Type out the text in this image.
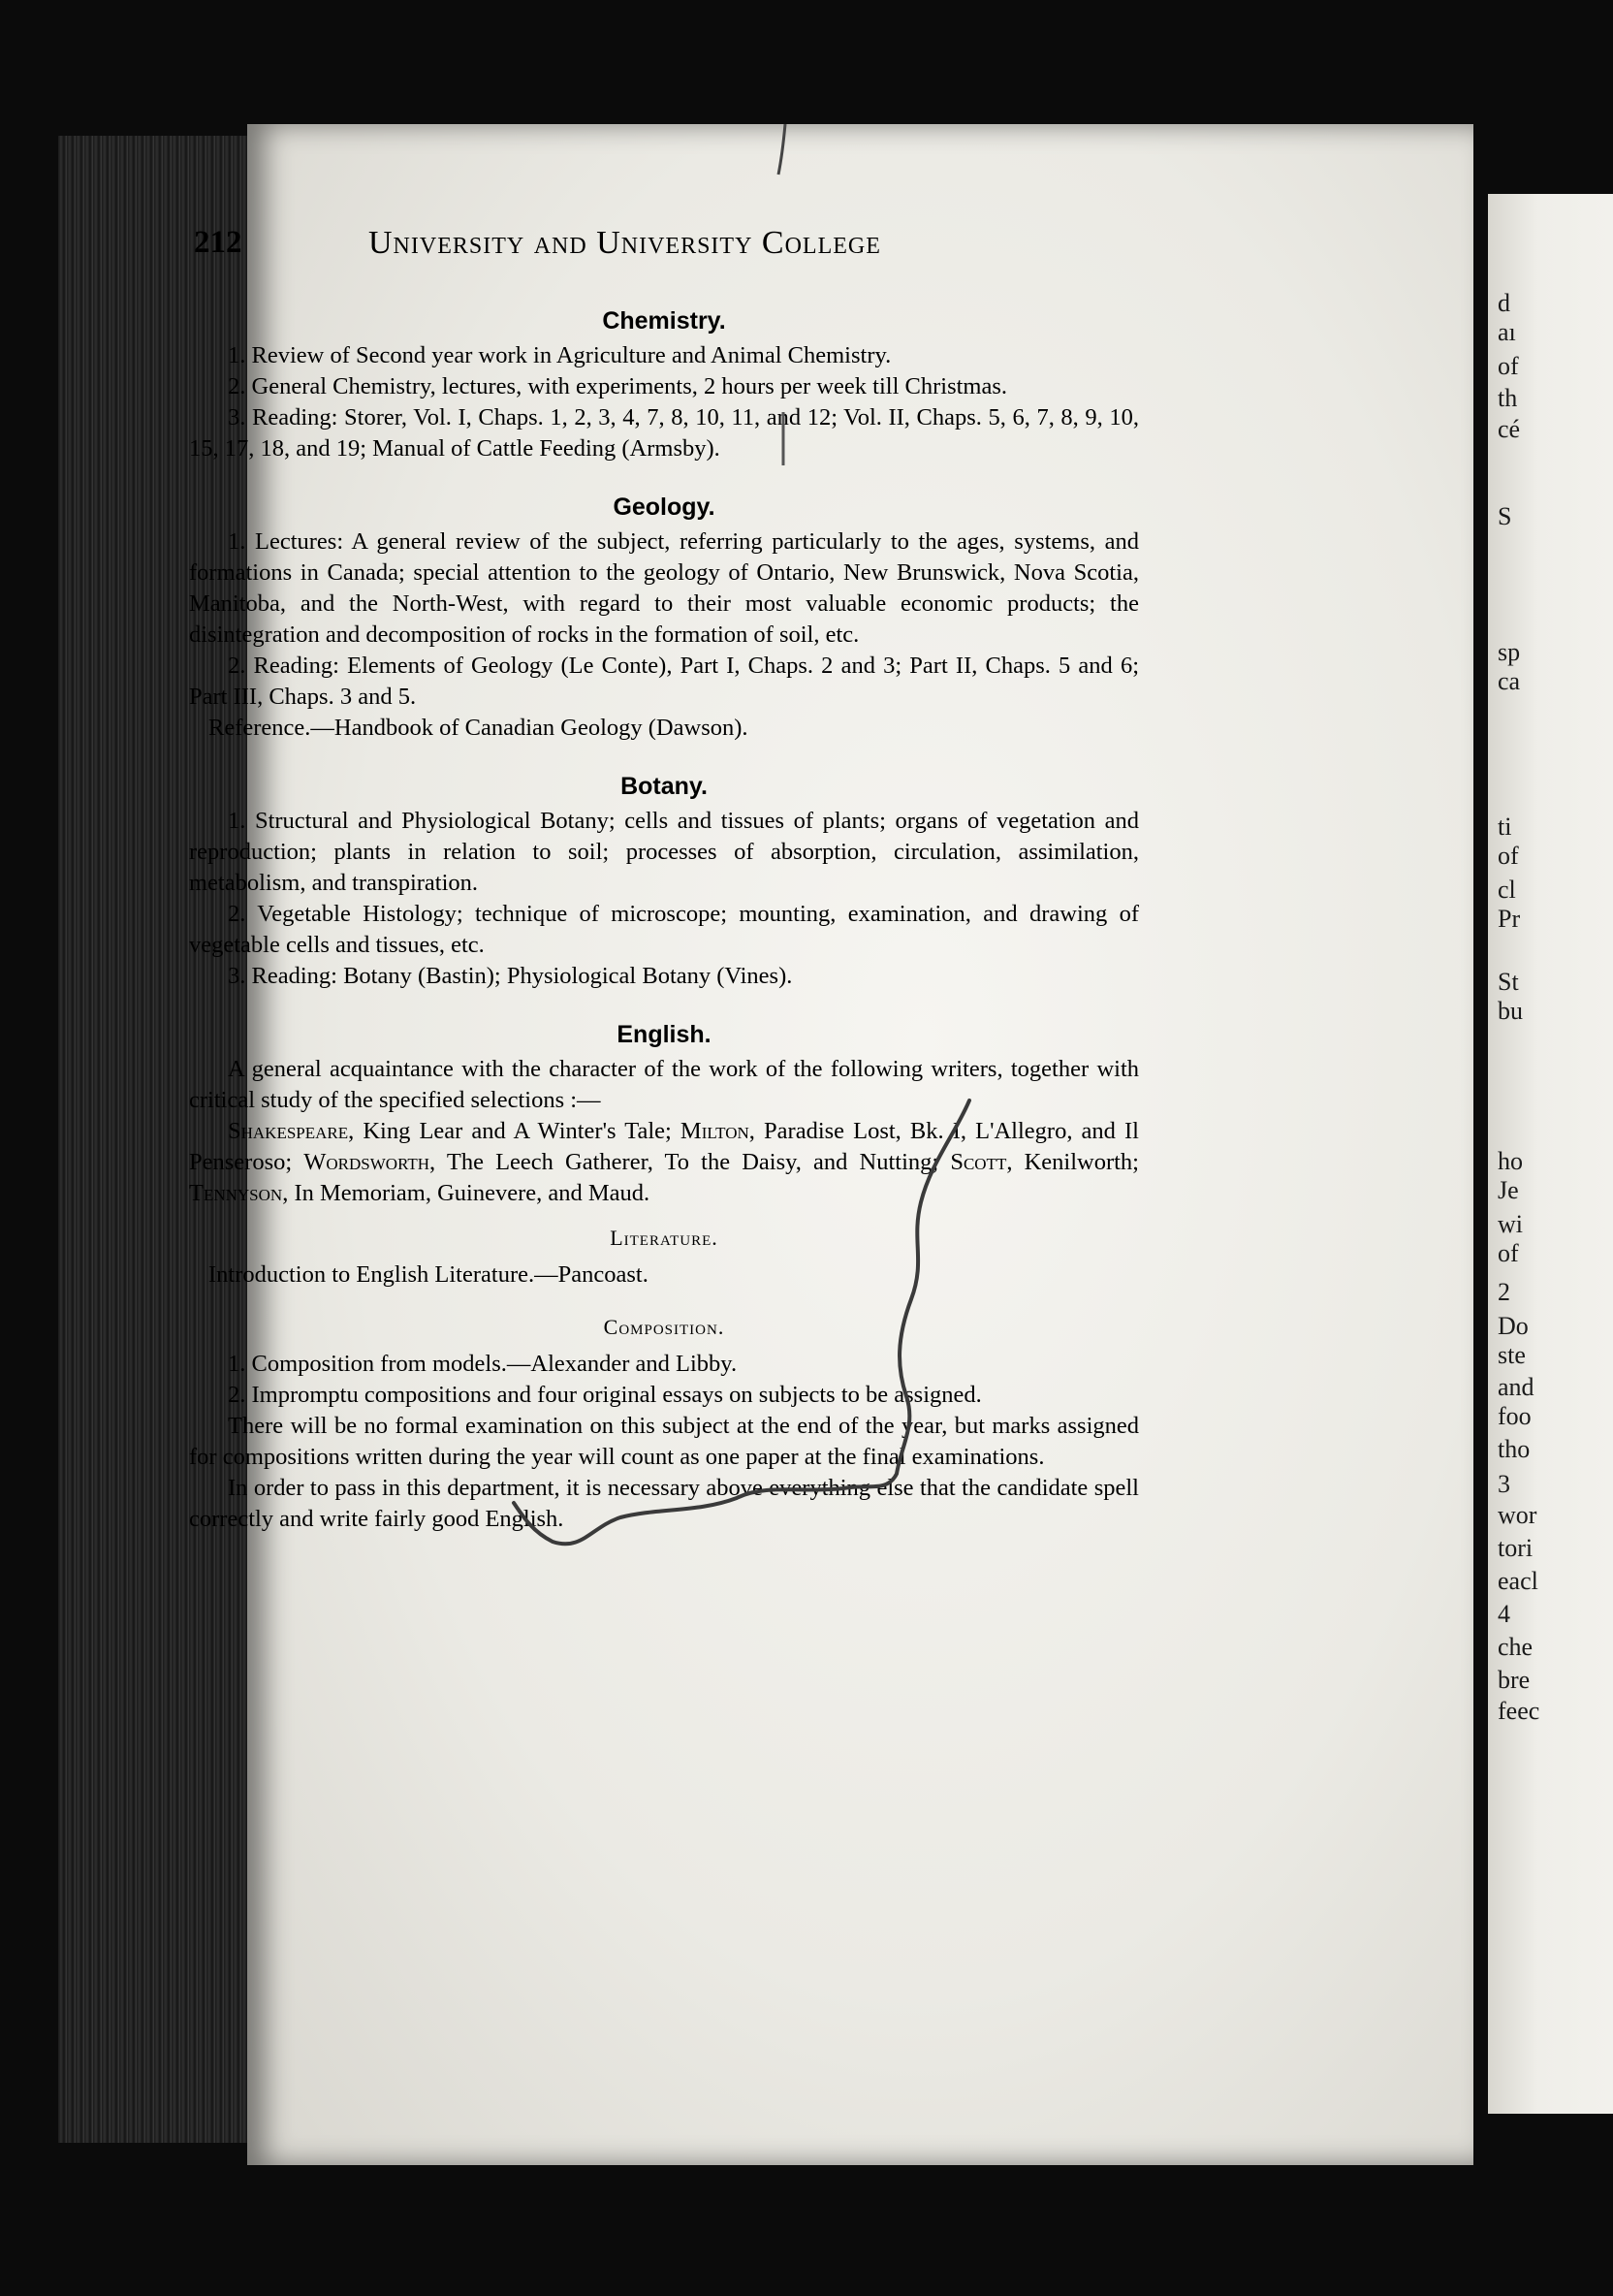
d
aı
of
th
cé
S
sp
ca
ti
of
cl
Pr
St
bu
ho
Je
wi
of
2
Do
ste
and
foo
tho
3
wor
tori
eacl
4
che
bre
feec
212	University and University College
Chemistry.

1. Review of Second year work in Agriculture and Animal Chemistry.

2. General Chemistry, lectures, with experiments, 2 hours per week till Christmas.

3. Reading: Storer, Vol. I, Chaps. 1, 2, 3, 4, 7, 8, 10, 11, and 12; Vol. II, Chaps. 5, 6, 7, 8, 9, 10, 15, 17, 18, and 19; Manual of Cattle Feeding (Armsby).

Geology.

1. Lectures: A general review of the subject, referring particularly to the ages, systems, and formations in Canada; special attention to the geology of Ontario, New Brunswick, Nova Scotia, Manitoba, and the North-West, with regard to their most valuable economic products; the disintegration and decomposition of rocks in the formation of soil, etc.

2. Reading: Elements of Geology (Le Conte), Part I, Chaps. 2 and 3; Part II, Chaps. 5 and 6; Part III, Chaps. 3 and 5.

Reference.—Handbook of Canadian Geology (Dawson).

Botany.

1. Structural and Physiological Botany; cells and tissues of plants; organs of vegetation and reproduction; plants in relation to soil; processes of absorption, circulation, assimilation, metabolism, and transpiration.

2. Vegetable Histology; technique of microscope; mounting, examination, and drawing of vegetable cells and tissues, etc.

3. Reading: Botany (Bastin); Physiological Botany (Vines).

English.

A general acquaintance with the character of the work of the following writers, together with critical study of the specified selections :—

Shakespeare, King Lear and A Winter's Tale; Milton, Paradise Lost, Bk. I, L'Allegro, and Il Penseroso; Wordsworth, The Leech Gatherer, To the Daisy, and Nutting; Scott, Kenilworth; Tennyson, In Memoriam, Guinevere, and Maud.

Literature.

Introduction to English Literature.—Pancoast.

Composition.

1. Composition from models.—Alexander and Libby.

2. Impromptu compositions and four original essays on subjects to be assigned.

There will be no formal examination on this subject at the end of the year, but marks assigned for compositions written during the year will count as one paper at the final examinations.

In order to pass in this department, it is necessary above everything else that the candidate spell correctly and write fairly good English.
